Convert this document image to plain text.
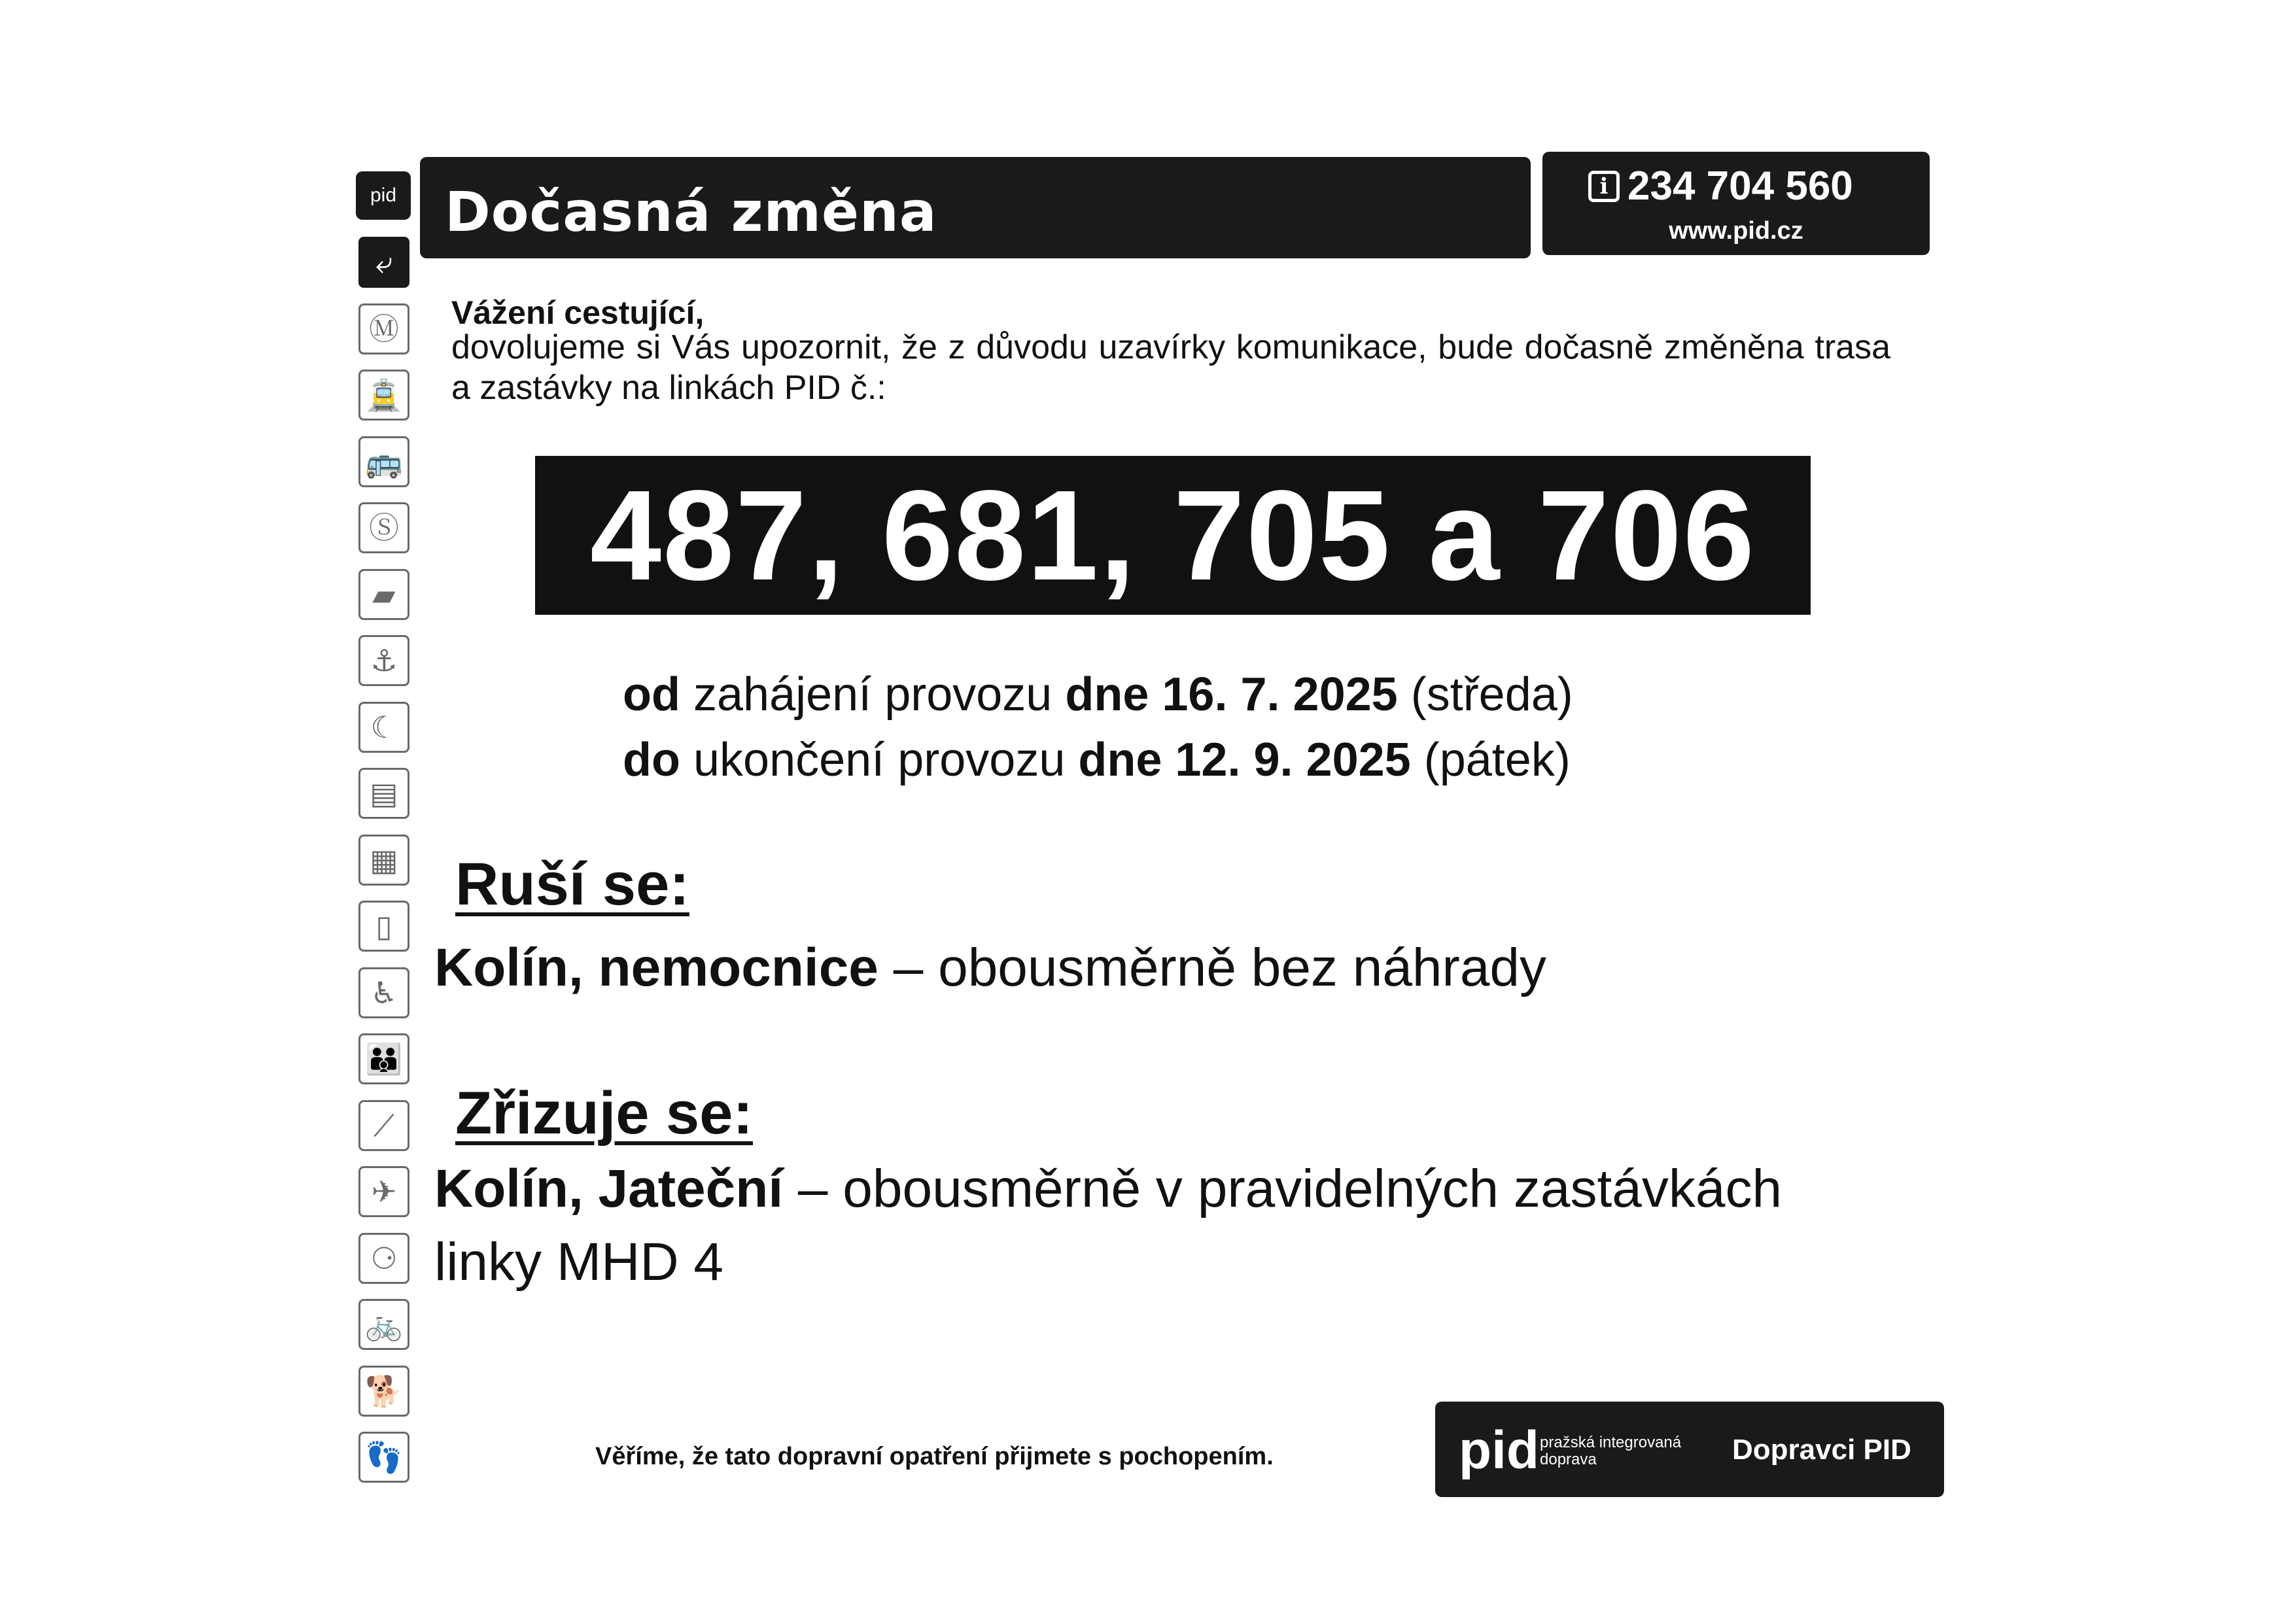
pid
⤶
Ⓜ
🚊
🚌
Ⓢ
▰
⚓
☾
▤
▦
▯
♿
👪
⟋
✈
⚆
🚲
🐕
👣
Dočasná změna	i 234 704 560
www.pid.cz
Vážení cestující,
dovolujeme si Vás upozornit, že z důvodu uzavírky komunikace, bude dočasně změněna trasa a zastávky na linkách PID č.:
487, 681, 705 a 706
od zahájení provozu dne 16. 7. 2025 (středa)
do ukončení provozu dne 12. 9. 2025 (pátek)
Ruší se:
Kolín, nemocnice – obousměrně bez náhrady
Zřizuje se:
Kolín, Jateční – obousměrně v pravidelných zastávkách linky MHD 4
Věříme, že tato dopravní opatření přijmete s pochopením.	pid pražská integrovaná doprava	Dopravci PID
